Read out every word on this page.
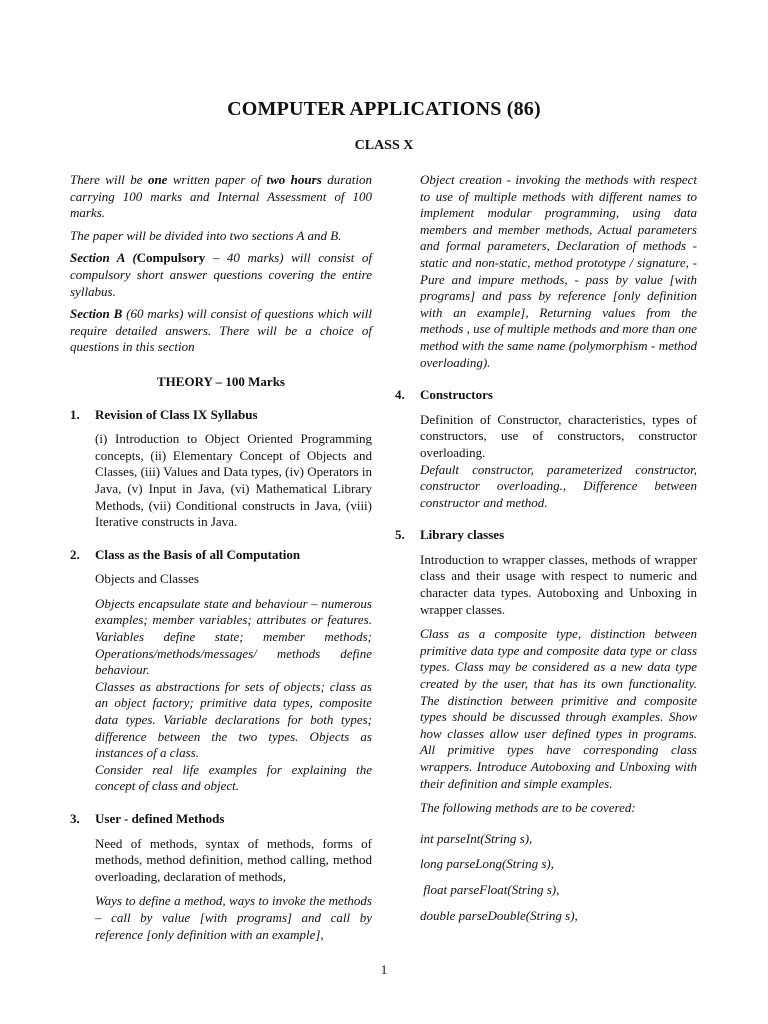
COMPUTER APPLICATIONS (86)
CLASS X

There will be one written paper of two hours duration carrying 100 marks and Internal Assessment of 100 marks.

The paper will be divided into two sections A and B.

Section A (Compulsory – 40 marks) will consist of compulsory short answer questions covering the entire syllabus.

Section B (60 marks) will consist of questions which will require detailed answers. There will be a choice of questions in this section

THEORY – 100 Marks
1.	Revision of Class IX Syllabus

(i) Introduction to Object Oriented Programming concepts, (ii) Elementary Concept of Objects and Classes, (iii) Values and Data types, (iv) Operators in Java, (v) Input in Java, (vi) Mathematical Library Methods, (vii) Conditional constructs in Java, (viii) Iterative constructs in Java.

2.	Class as the Basis of all Computation

Objects and Classes

Objects encapsulate state and behaviour – numerous examples; member variables; attributes or features. Variables define state; member methods; Operations/methods/messages/ methods define behaviour.

Classes as abstractions for sets of objects; class as an object factory; primitive data types, composite data types. Variable declarations for both types; difference between the two types. Objects as instances of a class.

Consider real life examples for explaining the concept of class and object.

3.	User - defined Methods

Need of methods, syntax of methods, forms of methods, method definition, method calling, method overloading, declaration of methods,

Ways to define a method, ways to invoke the methods – call by value [with programs] and call by reference [only definition with an example],

Object creation - invoking the methods with respect to use of multiple methods with different names to implement modular programming, using data members and member methods, Actual parameters and formal parameters, Declaration of methods - static and non-static, method prototype / signature, - Pure and impure methods, - pass by value [with programs] and pass by reference [only definition with an example], Returning values from the methods , use of multiple methods and more than one method with the same name (polymorphism - method overloading).

4.	Constructors

Definition of Constructor, characteristics, types of constructors, use of constructors, constructor overloading.

Default constructor, parameterized constructor, constructor overloading., Difference between constructor and method.

5.	Library classes

Introduction to wrapper classes, methods of wrapper class and their usage with respect to numeric and character data types. Autoboxing and Unboxing in wrapper classes.

Class as a composite type, distinction between primitive data type and composite data type or class types. Class may be considered as a new data type created by the user, that has its own functionality. The distinction between primitive and composite types should be discussed through examples. Show how classes allow user defined types in programs. All primitive types have corresponding class wrappers. Introduce Autoboxing and Unboxing with their definition and simple examples.

The following methods are to be covered:

int parseInt(String s),

long parseLong(String s),

float parseFloat(String s),

double parseDouble(String s),

1
